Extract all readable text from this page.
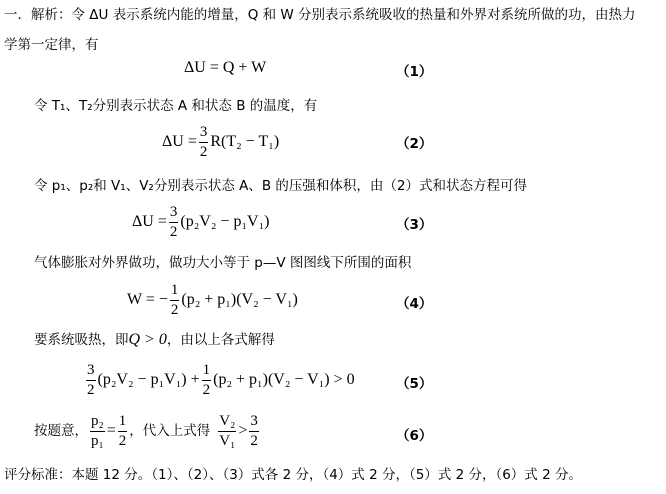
一．解析：令 ΔU 表示系统内能的增量，Q 和 W 分别表示系统吸收的热量和外界对系统所做的功，由热力
学第一定律，有
ΔU = Q + W	（1）
令 T₁、T₂分别表示状态 A 和状态 B 的温度，有
$\Delta U = \frac{3}{2} R(T_2 - T_1)$	（2）
令 p₁、p₂和 V₁、V₂分别表示状态 A、B 的压强和体积，由（2）式和状态方程可得
$\Delta U = \frac{3}{2} (p_2V_2 - p_1V_1)$	（3）
气体膨胀对外界做功，做功大小等于 p—V 图图线下所围的面积
W = − $\frac{1}{2} (p_2 + p_1)(V_2 - V_1)$	（4）
要系统吸热，即Q > 0，由以上各式解得
$\frac{3}{2} (p_2V_2 - p_1V_1) + \frac{1}{2} (p_2 + p_1)(V_2 - V_1) > 0$	（5）
按题意， $\frac{\text{p₂}}{\text{p₁}} = \frac{1}{2}$ ，代入上式得 $\frac{\text{V₂}}{\text{V₁}} > \frac{3}{2}$	（6）
评分标准：本题 12 分。（1）、（2）、（3）式各 2 分，（4）式 2 分，（5）式 2 分，（6）式 2 分。
